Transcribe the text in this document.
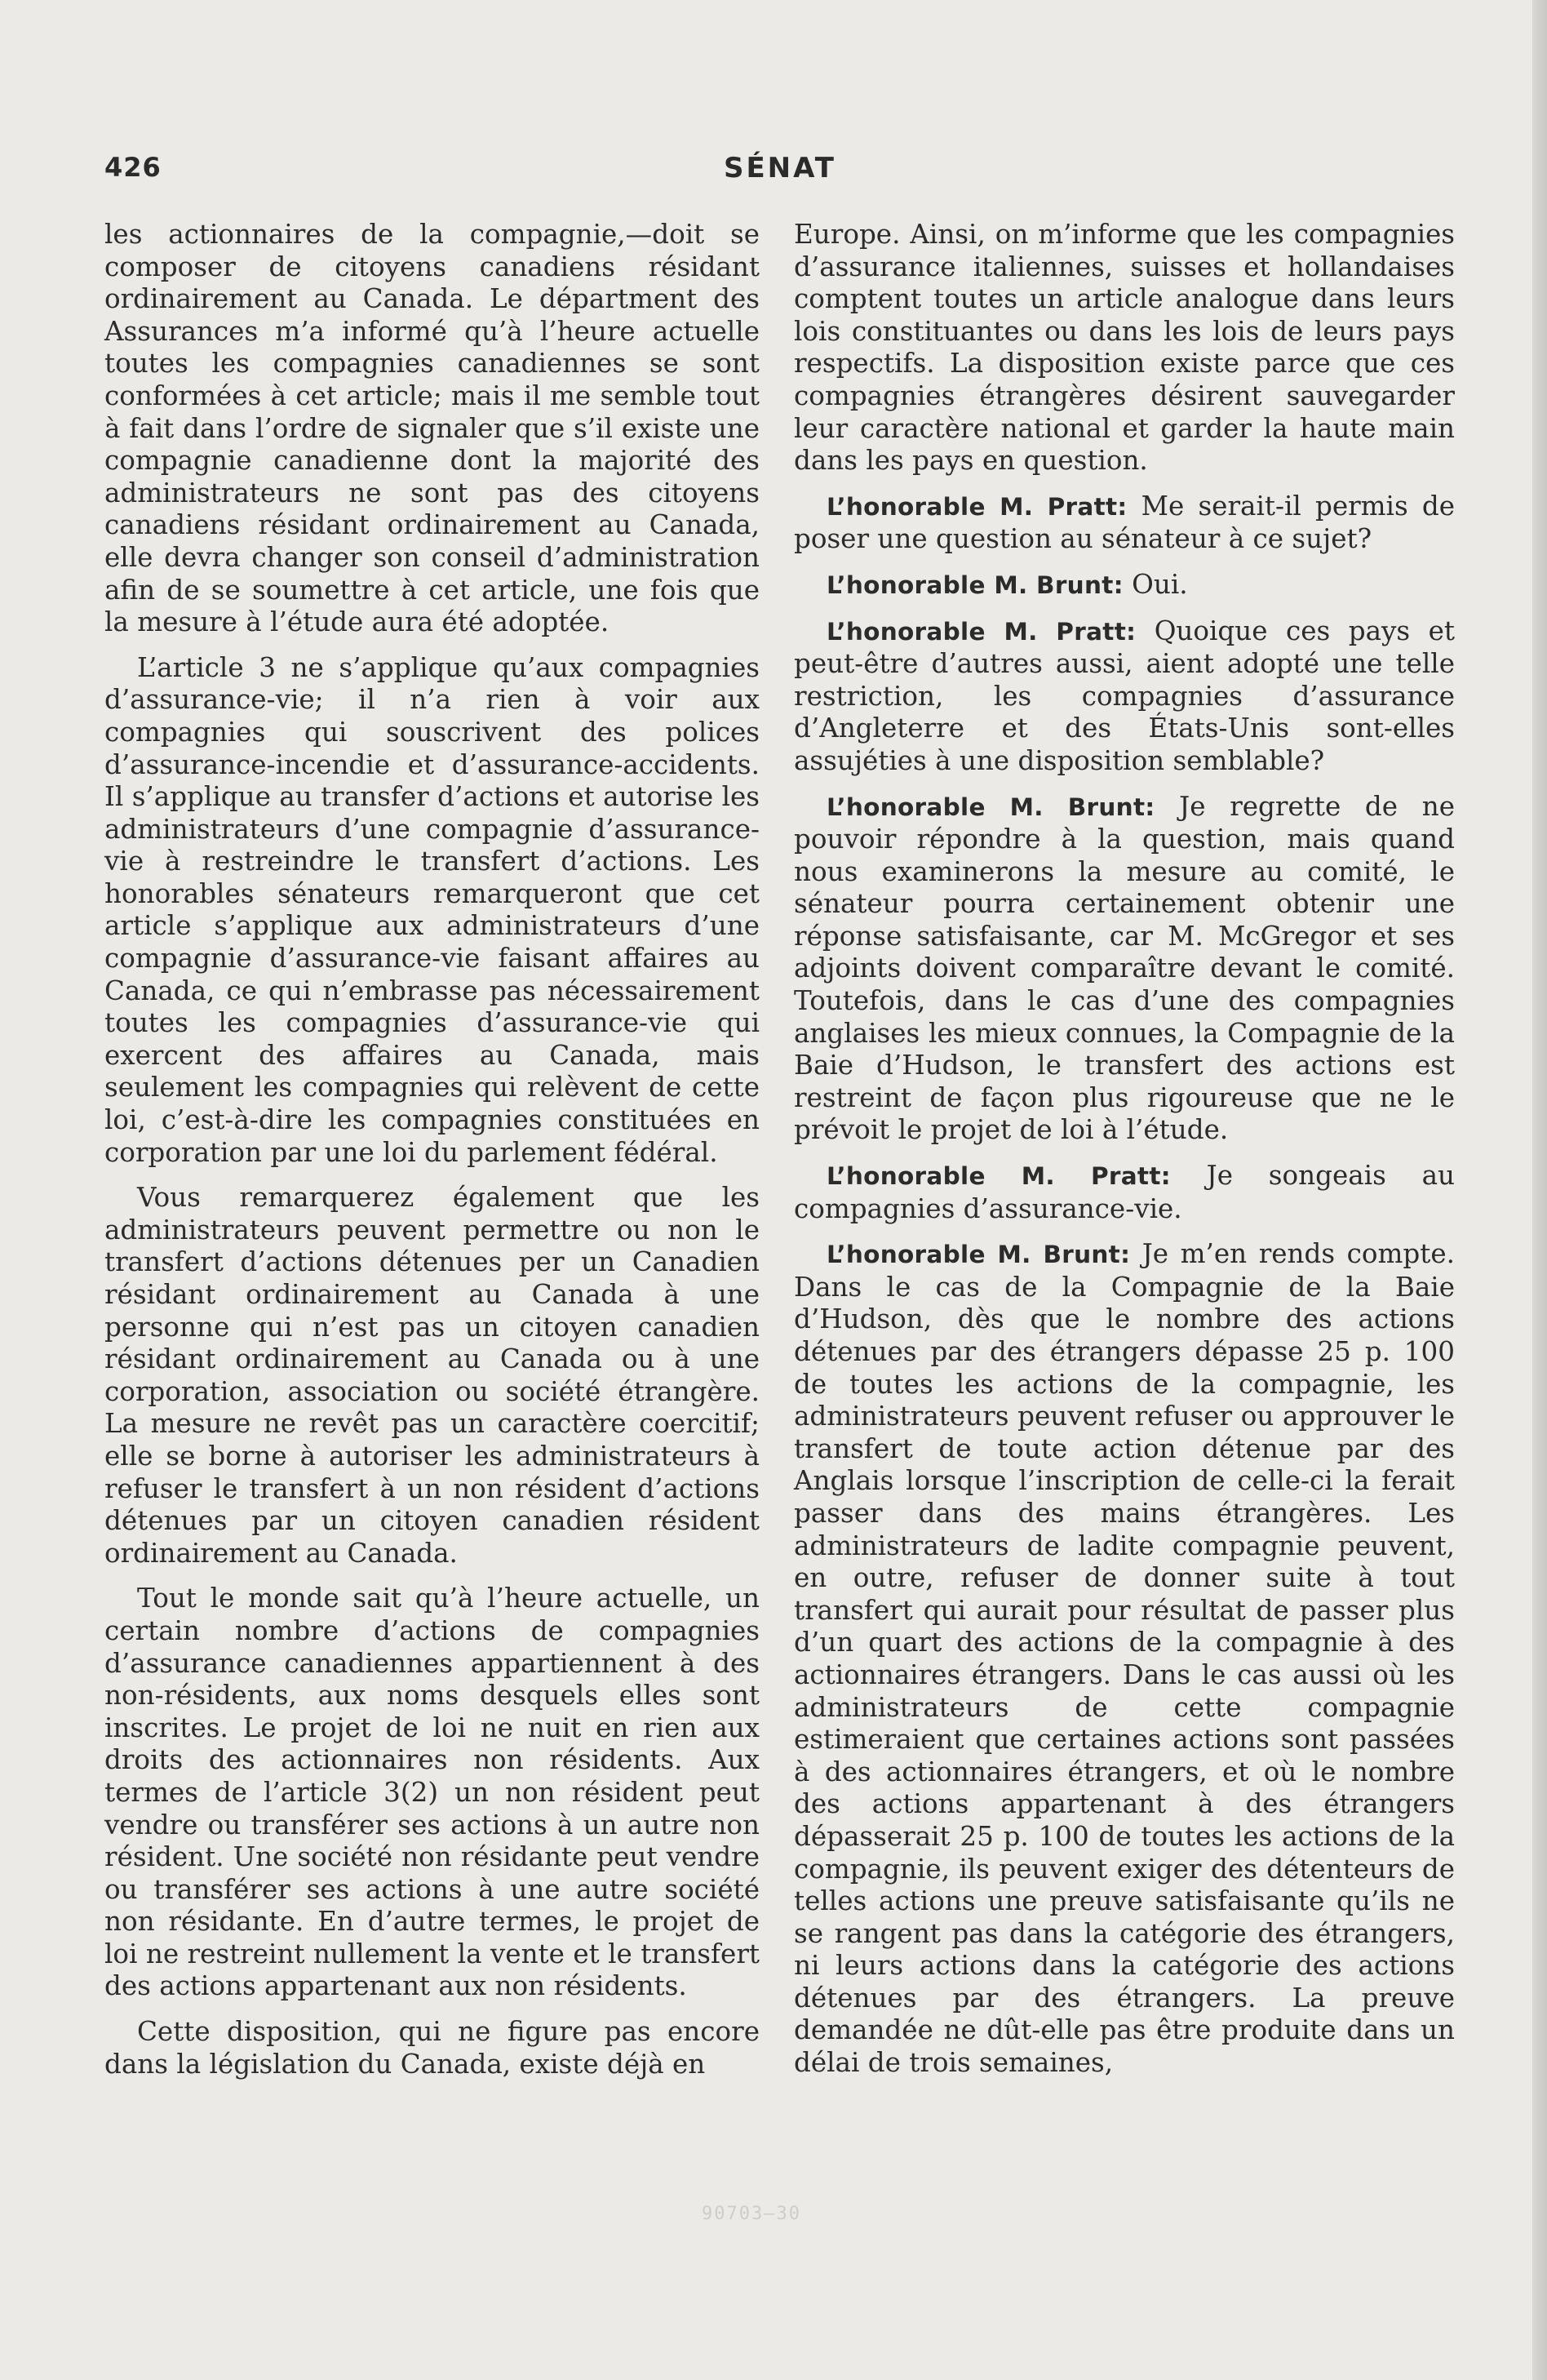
426	SÉNAT

les actionnaires de la compagnie,—doit se composer de citoyens canadiens résidant ordinairement au Canada. Le départment des Assurances m’a informé qu’à l’heure actuelle toutes les compagnies canadiennes se sont conformées à cet article; mais il me semble tout à fait dans l’ordre de signaler que s’il existe une compagnie canadienne dont la majorité des administrateurs ne sont pas des citoyens canadiens résidant ordinairement au Canada, elle devra changer son conseil d’administration afin de se soumettre à cet article, une fois que la mesure à l’étude aura été adoptée.

L’article 3 ne s’applique qu’aux compagnies d’assurance-vie; il n’a rien à voir aux compagnies qui souscrivent des polices d’assurance-incendie et d’assurance-accidents. Il s’applique au transfer d’actions et autorise les administrateurs d’une compagnie d’assurance-vie à restreindre le transfert d’actions. Les honorables sénateurs remarqueront que cet article s’applique aux administrateurs d’une compagnie d’assurance-vie faisant affaires au Canada, ce qui n’embrasse pas nécessairement toutes les compagnies d’assurance-vie qui exercent des affaires au Canada, mais seulement les compagnies qui relèvent de cette loi, c’est-à-dire les compagnies constituées en corporation par une loi du parlement fédéral.

Vous remarquerez également que les administrateurs peuvent permettre ou non le transfert d’actions détenues per un Canadien résidant ordinairement au Canada à une personne qui n’est pas un citoyen canadien résidant ordinairement au Canada ou à une corporation, association ou société étrangère. La mesure ne revêt pas un caractère coercitif; elle se borne à autoriser les administrateurs à refuser le transfert à un non résident d’actions détenues par un citoyen canadien résident ordinairement au Canada.

Tout le monde sait qu’à l’heure actuelle, un certain nombre d’actions de compagnies d’assurance canadiennes appartiennent à des non-résidents, aux noms desquels elles sont inscrites. Le projet de loi ne nuit en rien aux droits des actionnaires non résidents. Aux termes de l’article 3(2) un non résident peut vendre ou transférer ses actions à un autre non résident. Une société non résidante peut vendre ou transférer ses actions à une autre société non résidante. En d’autre termes, le projet de loi ne restreint nullement la vente et le transfert des actions appartenant aux non résidents.

Cette disposition, qui ne figure pas encore dans la législation du Canada, existe déjà en

Europe. Ainsi, on m’informe que les compagnies d’assurance italiennes, suisses et hollandaises comptent toutes un article analogue dans leurs lois constituantes ou dans les lois de leurs pays respectifs. La disposition existe parce que ces compagnies étrangères désirent sauvegarder leur caractère national et garder la haute main dans les pays en question.

L’honorable M. Pratt: Me serait-il permis de poser une question au sénateur à ce sujet?

L’honorable M. Brunt: Oui.

L’honorable M. Pratt: Quoique ces pays et peut-être d’autres aussi, aient adopté une telle restriction, les compagnies d’assurance d’Angleterre et des États-Unis sont-elles assujéties à une disposition semblable?

L’honorable M. Brunt: Je regrette de ne pouvoir répondre à la question, mais quand nous examinerons la mesure au comité, le sénateur pourra certainement obtenir une réponse satisfaisante, car M. McGregor et ses adjoints doivent comparaître devant le comité. Toutefois, dans le cas d’une des compagnies anglaises les mieux connues, la Compagnie de la Baie d’Hudson, le transfert des actions est restreint de façon plus rigoureuse que ne le prévoit le projet de loi à l’étude.

L’honorable M. Pratt: Je songeais au compagnies d’assurance-vie.

L’honorable M. Brunt: Je m’en rends compte. Dans le cas de la Compagnie de la Baie d’Hudson, dès que le nombre des actions détenues par des étrangers dépasse 25 p. 100 de toutes les actions de la compagnie, les administrateurs peuvent refuser ou approuver le transfert de toute action détenue par des Anglais lorsque l’inscription de celle-ci la ferait passer dans des mains étrangères. Les administrateurs de ladite compagnie peuvent, en outre, refuser de donner suite à tout transfert qui aurait pour résultat de passer plus d’un quart des actions de la compagnie à des actionnaires étrangers. Dans le cas aussi où les administrateurs de cette compagnie estimeraient que certaines actions sont passées à des actionnaires étrangers, et où le nombre des actions appartenant à des étrangers dépasserait 25 p. 100 de toutes les actions de la compagnie, ils peuvent exiger des détenteurs de telles actions une preuve satisfaisante qu’ils ne se rangent pas dans la catégorie des étrangers, ni leurs actions dans la catégorie des actions détenues par des étrangers. La preuve demandée ne dût-elle pas être produite dans un délai de trois semaines,

90703—30
